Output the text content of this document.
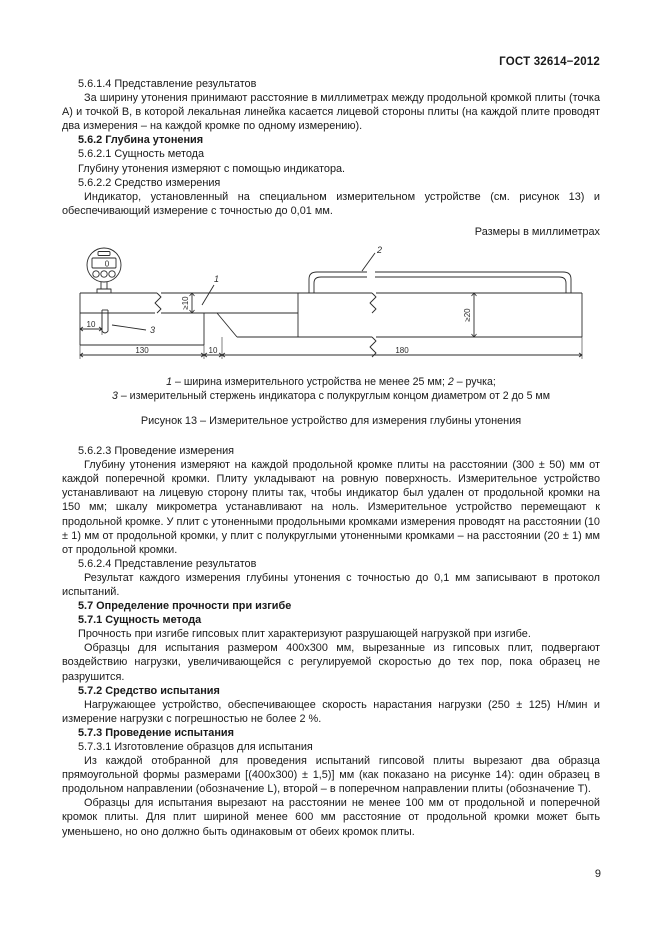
ГОСТ 32614−2012

5.6.1.4 Представление результатов

За ширину утонения принимают расстояние в миллиметрах между продольной кромкой плиты (точка А) и точкой В, в которой лекальная линейка касается лицевой стороны плиты (на каждой плите проводят два измерения – на каждой кромке по одному измерению).

5.6.2 Глубина утонения

5.6.2.1 Сущность метода

Глубину утонения измеряют с помощью индикатора.

5.6.2.2 Средство измерения

Индикатор, установленный на специальном измерительном устройстве (см. рисунок 13) и обеспечивающий измерение с точностью до 0,01 мм.

Размеры в миллиметрах

0
1
2
3
≥10
≥20
10
130	10	180
1 – ширина измерительного устройства не менее 25 мм; 2 – ручка;
3 – измерительный стержень индикатора с полукруглым концом диаметром от 2 до 5 мм
Рисунок 13 – Измерительное устройство для измерения глубины утонения

5.6.2.3 Проведение измерения

Глубину утонения измеряют на каждой продольной кромке плиты на расстоянии (300 ± 50) мм от каждой поперечной кромки. Плиту укладывают на ровную поверхность. Измерительное устройство устанавливают на лицевую сторону плиты так, чтобы индикатор был удален от продольной кромки на 150 мм; шкалу микрометра устанавливают на ноль. Измерительное устройство перемещают к продольной кромке. У плит с утоненными продольными кромками измерения проводят на расстоянии (10 ± 1) мм от продольной кромки, у плит с полукруглыми утоненными кромками – на расстоянии (20 ± 1) мм от продольной кромки.

5.6.2.4 Представление результатов

Результат каждого измерения глубины утонения с точностью до 0,1 мм записывают в протокол испытаний.

5.7 Определение прочности при изгибе

5.7.1 Сущность метода

Прочность при изгибе гипсовых плит характеризуют разрушающей нагрузкой при изгибе.

Образцы для испытания размером 400х300 мм, вырезанные из гипсовых плит, подвергают воздействию нагрузки, увеличивающейся с регулируемой скоростью до тех пор, пока образец не разрушится.

5.7.2 Средство испытания

Нагружающее устройство, обеспечивающее скорость нарастания нагрузки (250 ± 125) Н/мин и измерение нагрузки с погрешностью не более 2 %.

5.7.3 Проведение испытания

5.7.3.1 Изготовление образцов для испытания

Из каждой отобранной для проведения испытаний гипсовой плиты вырезают два образца прямоугольной формы размерами [(400х300) ± 1,5)] мм (как показано на рисунке 14): один образец в продольном направлении (обозначение L), второй – в поперечном направлении плиты (обозначение Т).

Образцы для испытания вырезают на расстоянии не менее 100 мм от продольной и поперечной кромок плиты. Для плит шириной менее 600 мм расстояние от продольной кромки может быть уменьшено, но оно должно быть одинаковым от обеих кромок плиты.

9
